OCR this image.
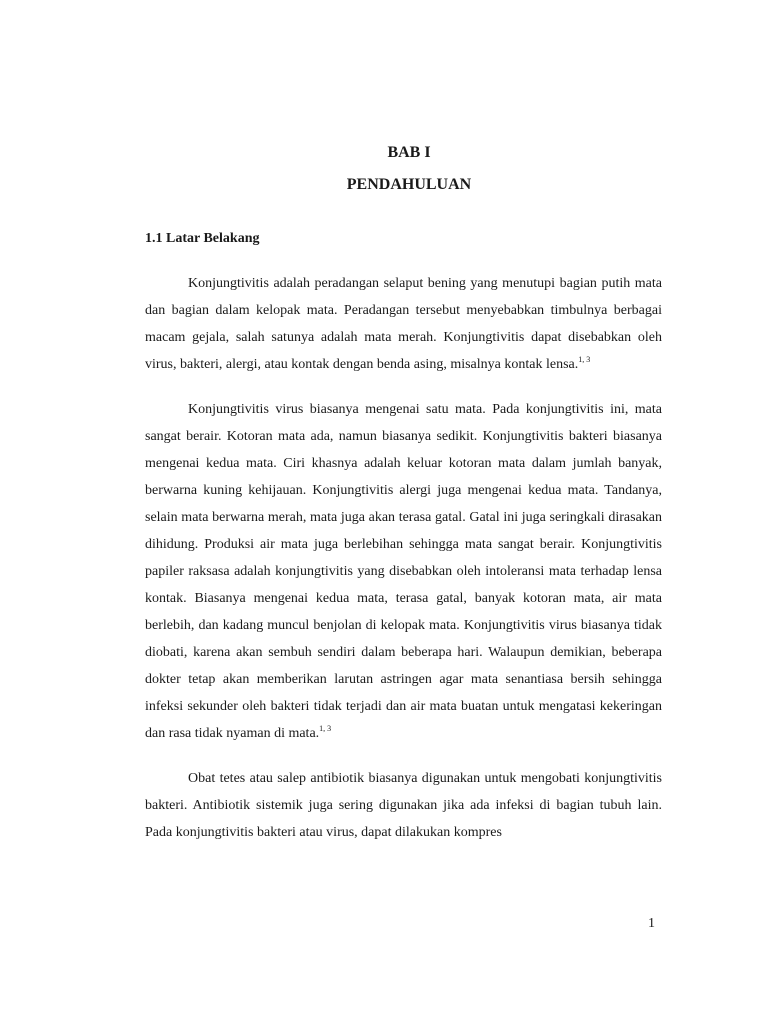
BAB I
PENDAHULUAN
1.1 Latar Belakang

Konjungtivitis adalah peradangan selaput bening yang menutupi bagian putih mata dan bagian dalam kelopak mata. Peradangan tersebut menyebabkan timbulnya berbagai macam gejala, salah satunya adalah mata merah. Konjungtivitis dapat disebabkan oleh virus, bakteri, alergi, atau kontak dengan benda asing, misalnya kontak lensa.$^{1, 3}$

Konjungtivitis virus biasanya mengenai satu mata. Pada konjungtivitis ini, mata sangat berair. Kotoran mata ada, namun biasanya sedikit. Konjungtivitis bakteri biasanya mengenai kedua mata. Ciri khasnya adalah keluar kotoran mata dalam jumlah banyak, berwarna kuning kehijauan. Konjungtivitis alergi juga mengenai kedua mata. Tandanya, selain mata berwarna merah, mata juga akan terasa gatal. Gatal ini juga seringkali dirasakan dihidung. Produksi air mata juga berlebihan sehingga mata sangat berair. Konjungtivitis papiler raksasa adalah konjungtivitis yang disebabkan oleh intoleransi mata terhadap lensa kontak. Biasanya mengenai kedua mata, terasa gatal, banyak kotoran mata, air mata berlebih, dan kadang muncul benjolan di kelopak mata. Konjungtivitis virus biasanya tidak diobati, karena akan sembuh sendiri dalam beberapa hari. Walaupun demikian, beberapa dokter tetap akan memberikan larutan astringen agar mata senantiasa bersih sehingga infeksi sekunder oleh bakteri tidak terjadi dan air mata buatan untuk mengatasi kekeringan dan rasa tidak nyaman di mata.$^{1, 3}$

Obat tetes atau salep antibiotik biasanya digunakan untuk mengobati konjungtivitis bakteri. Antibiotik sistemik juga sering digunakan jika ada infeksi di bagian tubuh lain. Pada konjungtivitis bakteri atau virus, dapat dilakukan kompres

1
